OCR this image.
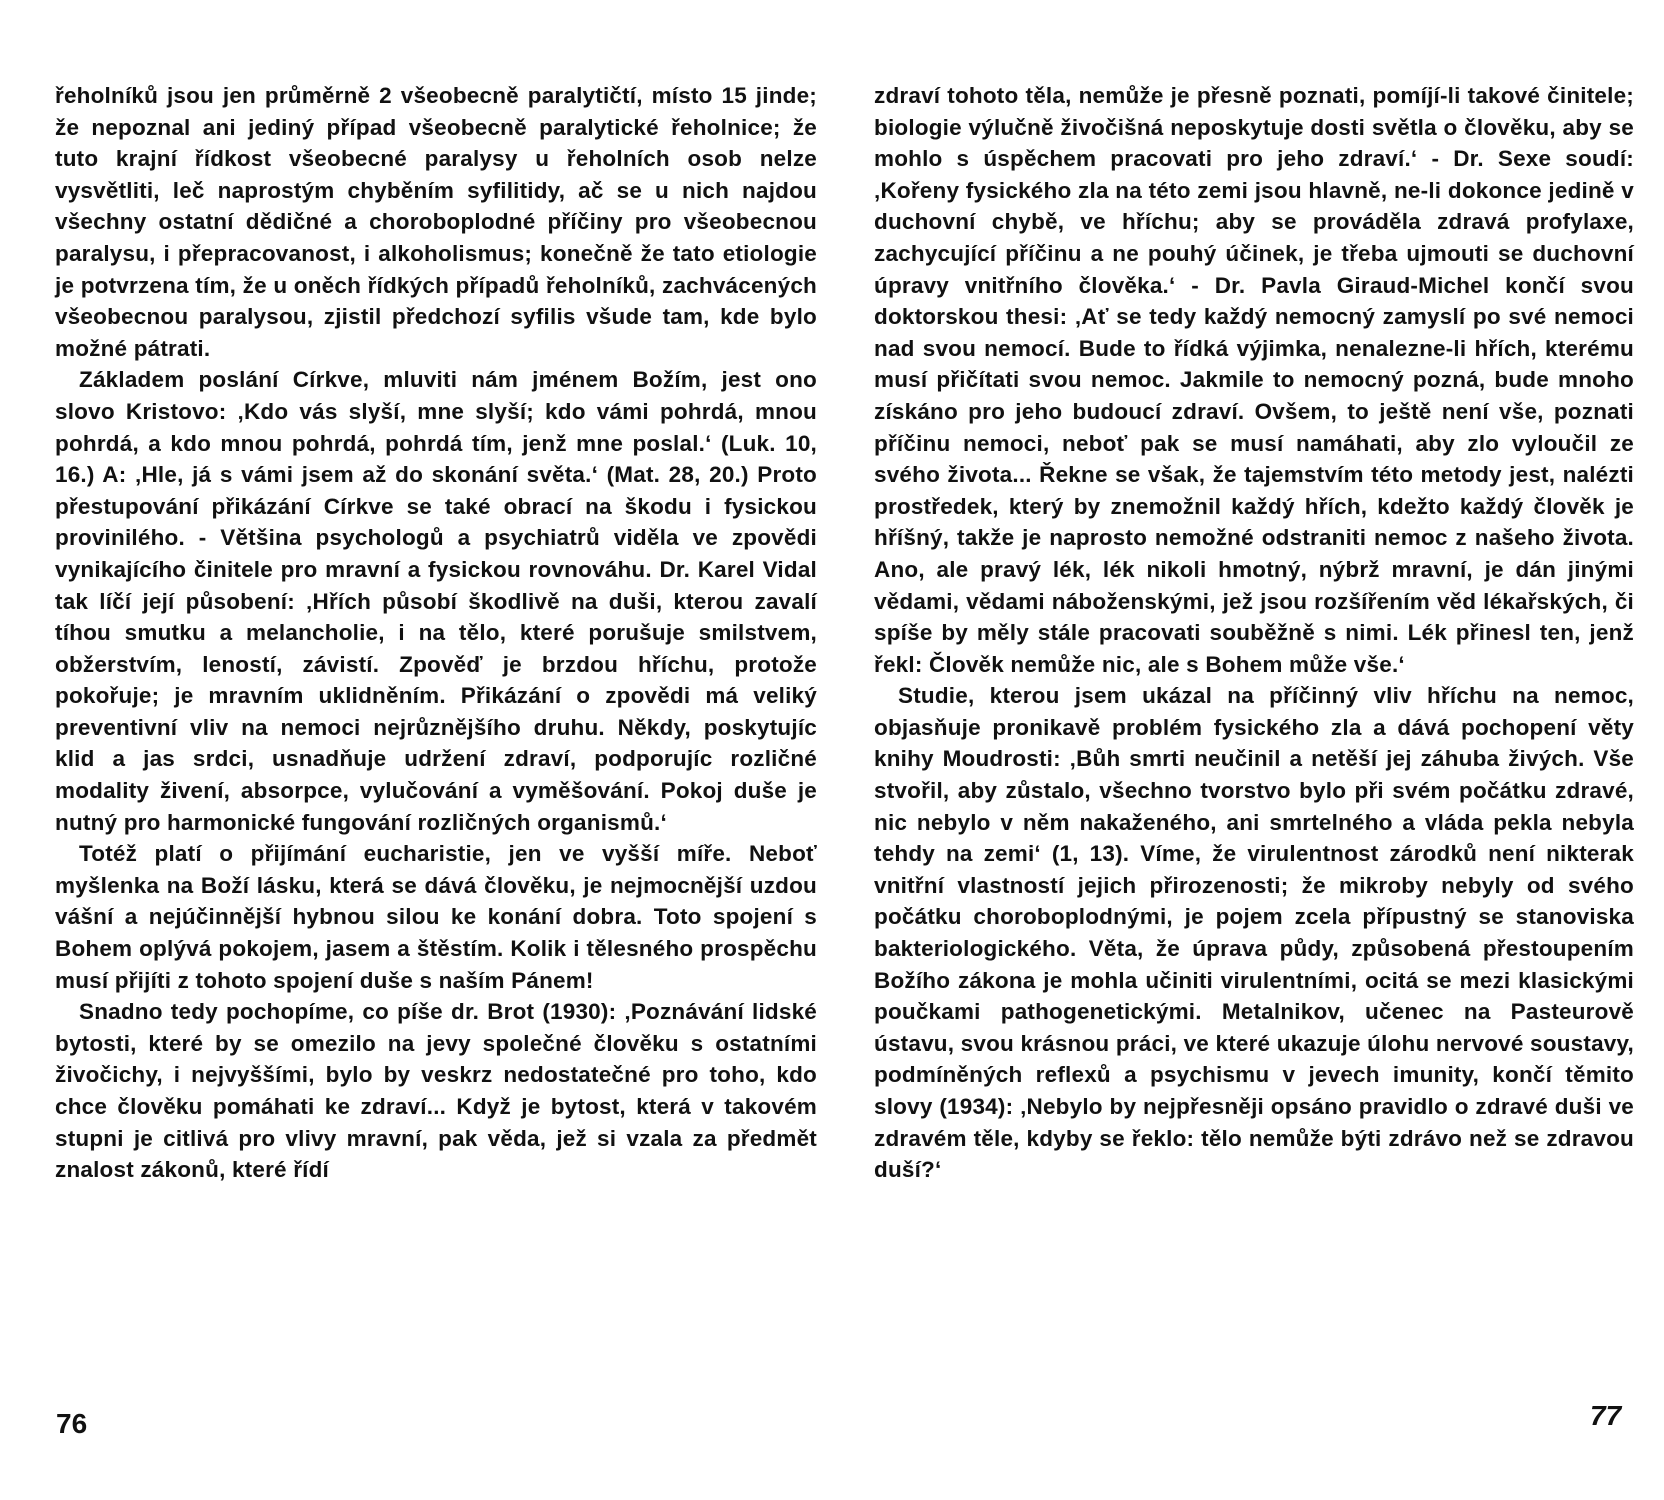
řeholníků jsou jen průměrně 2 všeobecně paralytičtí, místo 15 jinde; že nepoznal ani jediný případ všeobecně paralytické řeholnice; že tuto krajní řídkost všeobecné paralysy u řeholních osob nelze vysvětliti, leč naprostým chyběním syfilitidy, ač se u nich najdou všechny ostatní dědičné a choroboplodné příčiny pro všeobecnou paralysu, i přepracovanost, i alkoholismus; konečně že tato etiologie je potvrzena tím, že u oněch řídkých případů řeholníků, zachvácených všeobecnou paralysou, zjistil předchozí syfilis všude tam, kde bylo možné pátrati.

Základem poslání Církve, mluviti nám jménem Božím, jest ono slovo Kristovo: ‚Kdo vás slyší, mne slyší; kdo vámi pohrdá, mnou pohrdá, a kdo mnou pohrdá, pohrdá tím, jenž mne poslal.‘ (Luk. 10, 16.) A: ‚Hle, já s vámi jsem až do skonání světa.‘ (Mat. 28, 20.) Proto přestupování přikázání Církve se také obrací na škodu i fysickou provinilého. - Většina psychologů a psychiatrů viděla ve zpovědi vynikajícího činitele pro mravní a fysickou rovnováhu. Dr. Karel Vidal tak líčí její působení: ‚Hřích působí škodlivě na duši, kterou zavalí tíhou smutku a melancholie, i na tělo, které porušuje smilstvem, obžerstvím, leností, závistí. Zpověď je brzdou hříchu, protože pokořuje; je mravním uklidněním. Přikázání o zpovědi má veliký preventivní vliv na nemoci nejrůznějšího druhu. Někdy, poskytujíc klid a jas srdci, usnadňuje udržení zdraví, podporujíc rozličné modality živení, absorpce, vylučování a vyměšování. Pokoj duše je nutný pro harmonické fungování rozličných organismů.‘

Totéž platí o přijímání eucharistie, jen ve vyšší míře. Neboť myšlenka na Boží lásku, která se dává člověku, je nejmocnější uzdou vášní a nejúčinnější hybnou silou ke konání dobra. Toto spojení s Bohem oplývá pokojem, jasem a štěstím. Kolik i tělesného prospěchu musí přijíti z tohoto spojení duše s naším Pánem!

Snadno tedy pochopíme, co píše dr. Brot (1930): ‚Poznávání lidské bytosti, které by se omezilo na jevy společné člověku s ostatními živočichy, i nejvyššími, bylo by veskrz nedostatečné pro toho, kdo chce člověku pomáhati ke zdraví... Když je bytost, která v takovém stupni je citlivá pro vlivy mravní, pak věda, jež si vzala za předmět znalost zákonů, které řídí

76

zdraví tohoto těla, nemůže je přesně poznati, pomíjí-li takové činitele; biologie výlučně živočišná neposkytuje dosti světla o člověku, aby se mohlo s úspěchem pracovati pro jeho zdraví.‘ - Dr. Sexe soudí: ‚Kořeny fysického zla na této zemi jsou hlavně, ne-li dokonce jedině v duchovní chybě, ve hříchu; aby se prováděla zdravá profylaxe, zachycující příčinu a ne pouhý účinek, je třeba ujmouti se duchovní úpravy vnitřního člověka.‘ - Dr. Pavla Giraud-Michel končí svou doktorskou thesi: ‚Ať se tedy každý nemocný zamyslí po své nemoci nad svou nemocí. Bude to řídká výjimka, nenalezne-li hřích, kterému musí přičítati svou nemoc. Jakmile to nemocný pozná, bude mnoho získáno pro jeho budoucí zdraví. Ovšem, to ještě není vše, poznati příčinu nemoci, neboť pak se musí namáhati, aby zlo vyloučil ze svého života... Řekne se však, že tajemstvím této metody jest, nalézti prostředek, který by znemožnil každý hřích, kdežto každý člověk je hříšný, takže je naprosto nemožné odstraniti nemoc z našeho života. Ano, ale pravý lék, lék nikoli hmotný, nýbrž mravní, je dán jinými vědami, vědami náboženskými, jež jsou rozšířením věd lékařských, či spíše by měly stále pracovati souběžně s nimi. Lék přinesl ten, jenž řekl: Člověk nemůže nic, ale s Bohem může vše.‘

Studie, kterou jsem ukázal na příčinný vliv hříchu na nemoc, objasňuje pronikavě problém fysického zla a dává pochopení věty knihy Moudrosti: ‚Bůh smrti neučinil a netěší jej záhuba živých. Vše stvořil, aby zůstalo, všechno tvorstvo bylo při svém počátku zdravé, nic nebylo v něm nakaženého, ani smrtelného a vláda pekla nebyla tehdy na zemi‘ (1, 13). Víme, že virulentnost zárodků není nikterak vnitřní vlastností jejich přirozenosti; že mikroby nebyly od svého počátku choroboplodnými, je pojem zcela přípustný se stanoviska bakteriologického. Věta, že úprava půdy, způsobená přestoupením Božího zákona je mohla učiniti virulentními, ocitá se mezi klasickými poučkami pathogenetickými. Metalnikov, učenec na Pasteurově ústavu, svou krásnou práci, ve které ukazuje úlohu nervové soustavy, podmíněných reflexů a psychismu v jevech imunity, končí těmito slovy (1934): ‚Nebylo by nejpřesněji opsáno pravidlo o zdravé duši ve zdravém těle, kdyby se řeklo: tělo nemůže býti zdrávo než se zdravou duší?‘

77
